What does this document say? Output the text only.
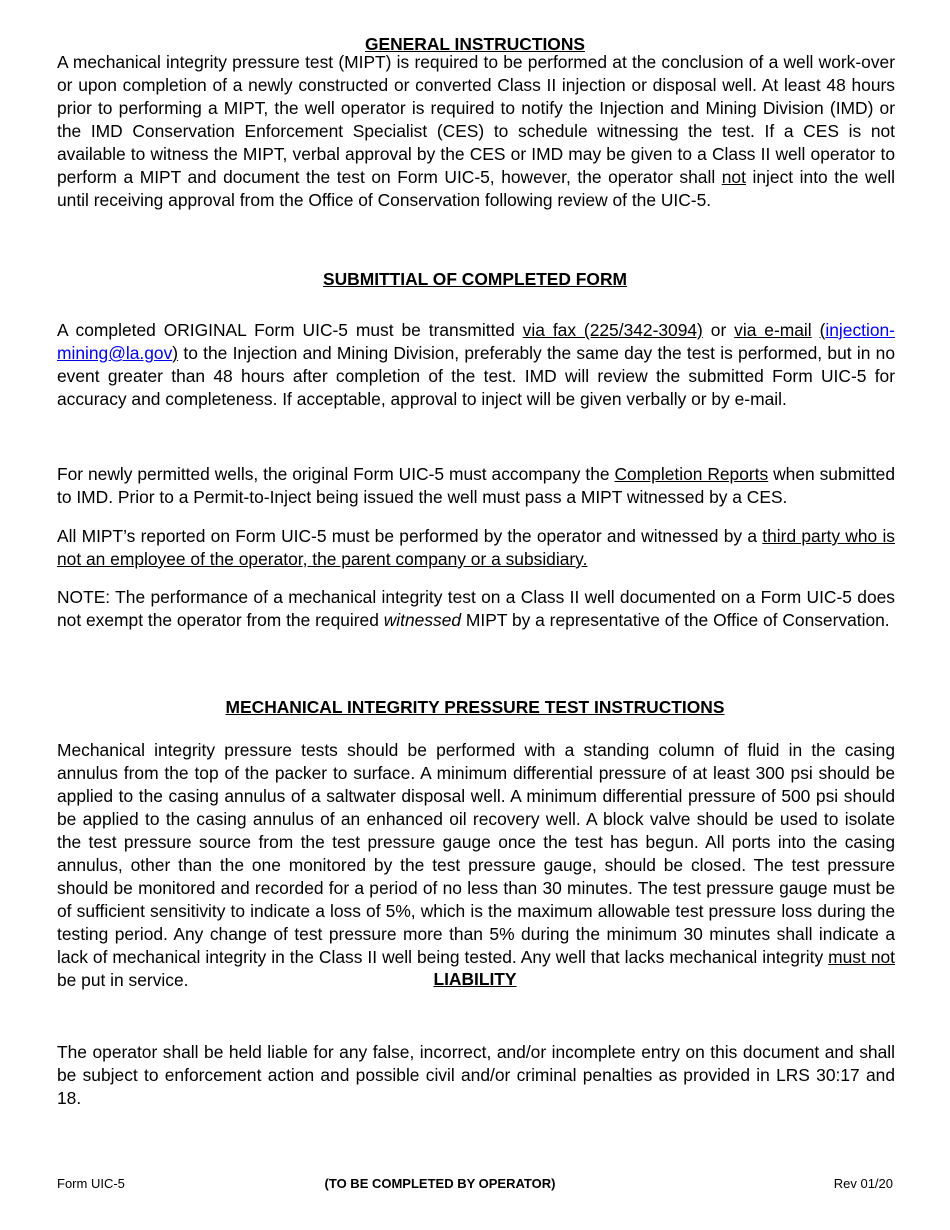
GENERAL INSTRUCTIONS
A mechanical integrity pressure test (MIPT) is required to be performed at the conclusion of a well work-over or upon completion of a newly constructed or converted Class II injection or disposal well. At least 48 hours prior to performing a MIPT, the well operator is required to notify the Injection and Mining Division (IMD) or the IMD Conservation Enforcement Specialist (CES) to schedule witnessing the test. If a CES is not available to witness the MIPT, verbal approval by the CES or IMD may be given to a Class II well operator to perform a MIPT and document the test on Form UIC-5, however, the operator shall not inject into the well until receiving approval from the Office of Conservation following review of the UIC-5.
SUBMITTIAL OF COMPLETED FORM
A completed ORIGINAL Form UIC-5 must be transmitted via fax (225/342-3094) or via e-mail (injection-mining@la.gov) to the Injection and Mining Division, preferably the same day the test is performed, but in no event greater than 48 hours after completion of the test. IMD will review the submitted Form UIC-5 for accuracy and completeness. If acceptable, approval to inject will be given verbally or by e-mail.
For newly permitted wells, the original Form UIC-5 must accompany the Completion Reports when submitted to IMD. Prior to a Permit-to-Inject being issued the well must pass a MIPT witnessed by a CES.
All MIPT’s reported on Form UIC-5 must be performed by the operator and witnessed by a third party who is not an employee of the operator, the parent company or a subsidiary.
NOTE: The performance of a mechanical integrity test on a Class II well documented on a Form UIC-5 does not exempt the operator from the required witnessed MIPT by a representative of the Office of Conservation.
MECHANICAL INTEGRITY PRESSURE TEST INSTRUCTIONS
Mechanical integrity pressure tests should be performed with a standing column of fluid in the casing annulus from the top of the packer to surface. A minimum differential pressure of at least 300 psi should be applied to the casing annulus of a saltwater disposal well. A minimum differential pressure of 500 psi should be applied to the casing annulus of an enhanced oil recovery well. A block valve should be used to isolate the test pressure source from the test pressure gauge once the test has begun. All ports into the casing annulus, other than the one monitored by the test pressure gauge, should be closed. The test pressure should be monitored and recorded for a period of no less than 30 minutes. The test pressure gauge must be of sufficient sensitivity to indicate a loss of 5%, which is the maximum allowable test pressure loss during the testing period. Any change of test pressure more than 5% during the minimum 30 minutes shall indicate a lack of mechanical integrity in the Class II well being tested. Any well that lacks mechanical integrity must not be put in service.	LIABILITY
The operator shall be held liable for any false, incorrect, and/or incomplete entry on this document and shall be subject to enforcement action and possible civil and/or criminal penalties as provided in LRS 30:17 and 18.
Form UIC-5	(TO BE COMPLETED BY OPERATOR)	Rev 01/20
